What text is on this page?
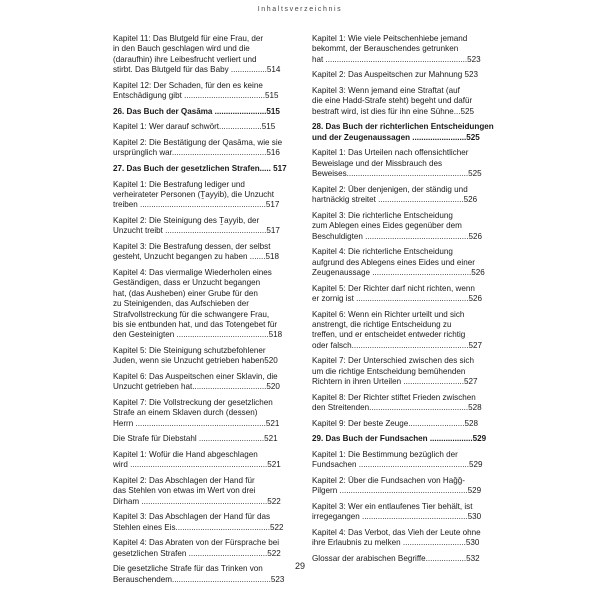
Inhaltsverzeichnis
Kapitel 11: Das Blutgeld für eine Frau, der
in den Bauch geschlagen wird und die
(daraufhin) ihre Leibesfrucht verliert und
stirbt. Das Blutgeld für das Baby ................514
Kapitel 12: Der Schaden, für den es keine
Entschädigung gibt ....................................515
26. Das Buch der Qasāma .......................515
Kapitel 1: Wer darauf schwört...................515
Kapitel 2: Die Bestätigung der Qasāma, wie sie
ursprünglich war..........................................516
27. Das Buch der gesetzlichen Strafen..... 517
Kapitel 1: Die Bestrafung lediger und
verheirateter Personen (Ṯayyib), die Unzucht
treiben ........................................................517
Kapitel 2: Die Steinigung des Ṯayyib, der
Unzucht treibt .............................................517
Kapitel 3: Die Bestrafung dessen, der selbst
gesteht, Unzucht begangen zu haben .......518
Kapitel 4: Das viermalige Wiederholen eines
Geständigen, dass er Unzucht begangen
hat, (das Ausheben) einer Grube für den
zu Steinigenden, das Aufschieben der
Strafvollstreckung für die schwangere Frau,
bis sie entbunden hat, und das Totengebet für
den Gesteinigten .........................................518
Kapitel 5: Die Steinigung schutzbefohlener
Juden, wenn sie Unzucht getrieben haben520
Kapitel 6: Das Auspeitschen einer Sklavin, die
Unzucht getrieben hat.................................520
Kapitel 7: Die Vollstreckung der gesetzlichen
Strafe an einem Sklaven durch (dessen)
Herrn ..........................................................521
Die Strafe für Diebstahl .............................521
Kapitel 1: Wofür die Hand abgeschlagen
wird .............................................................521
Kapitel 2: Das Abschlagen der Hand für
das Stehlen von etwas im Wert von drei
Dirham ........................................................522
Kapitel 3: Das Abschlagen der Hand für das
Stehlen eines Eis..........................................522
Kapitel 4: Das Abraten von der Fürsprache bei
gesetzlichen Strafen ...................................522
Die gesetzliche Strafe für das Trinken von
Berauschendem............................................523
Kapitel 1: Wie viele Peitschenhiebe jemand
bekommt, der Berauschendes getrunken
hat ...............................................................523
Kapitel 2: Das Auspeitschen zur Mahnung 523
Kapitel 3: Wenn jemand eine Straftat (auf
die eine Hadd-Strafe steht) begeht und dafür
bestraft wird, ist dies für ihn eine Sühne...525
28. Das Buch der richterlichen Entscheidungen
und der Zeugenaussagen ........................525
Kapitel 1: Das Urteilen nach offensichtlicher
Beweislage und der Missbrauch des
Beweises......................................................525
Kapitel 2: Über denjenigen, der ständig und
hartnäckig streitet ......................................526
Kapitel 3: Die richterliche Entscheidung
zum Ablegen eines Eides gegenüber dem
Beschuldigten ..............................................526
Kapitel 4: Die richterliche Entscheidung
aufgrund des Ablegens eines Eides und einer
Zeugenaussage ............................................526
Kapitel 5: Der Richter darf nicht richten, wenn
er zornig ist ..................................................526
Kapitel 6: Wenn ein Richter urteilt und sich
anstrengt, die richtige Entscheidung zu
treffen, und er entscheidet entweder richtig
oder falsch....................................................527
Kapitel 7: Der Unterschied zwischen des sich
um die richtige Entscheidung bemühenden
Richtern in ihren Urteilen ...........................527
Kapitel 8: Der Richter stiftet Frieden zwischen
den Streitenden............................................528
Kapitel 9: Der beste Zeuge.........................528
29. Das Buch der Fundsachen ...................529
Kapitel 1: Die Bestimmung bezüglich der
Fundsachen .................................................529
Kapitel 2: Über die Fundsachen von Haǧǧ-
Pilgern .........................................................529
Kapitel 3: Wer ein entlaufenes Tier behält, ist
irregegangen ...............................................530
Kapitel 4: Das Verbot, das Vieh der Leute ohne
ihre Erlaubnis zu melken ............................530
Glossar der arabischen Begriffe..................532
29
